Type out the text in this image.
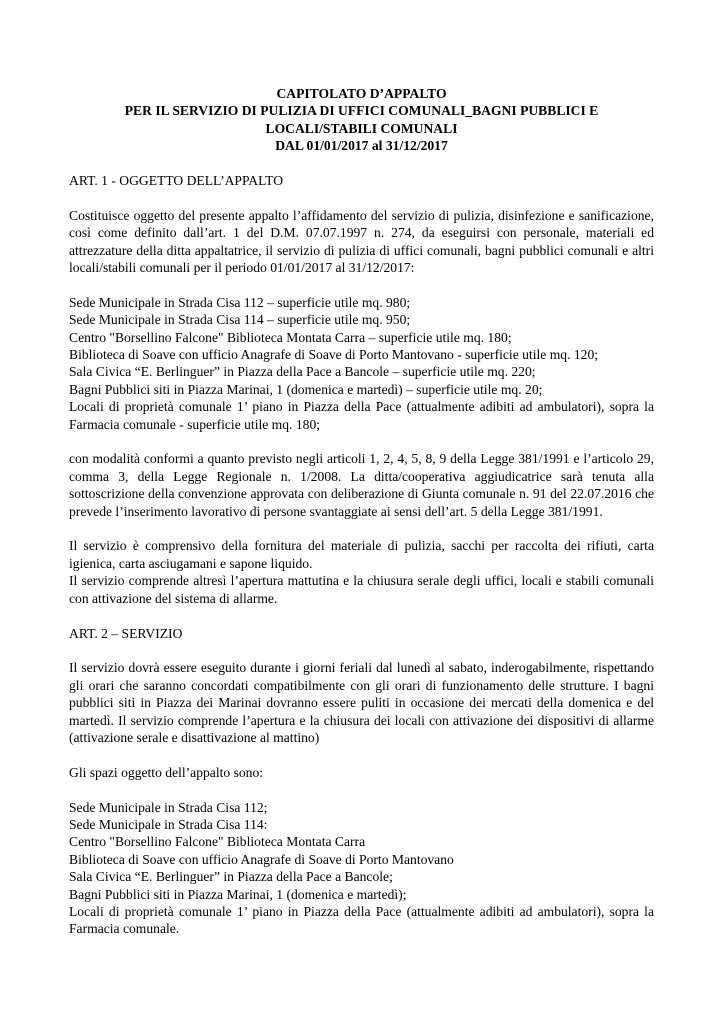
CAPITOLATO D’APPALTO
PER IL SERVIZIO DI PULIZIA DI UFFICI COMUNALI_BAGNI PUBBLICI E
LOCALI/STABILI COMUNALI
DAL 01/01/2017 al 31/12/2017

ART. 1 - OGGETTO DELL’APPALTO

Costituisce oggetto del presente appalto l’affidamento del servizio di pulizia, disinfezione e sanificazione, così come definito dall’art. 1 del D.M. 07.07.1997 n. 274, da eseguirsi con personale, materiali ed attrezzature della ditta appaltatrice, il servizio di pulizia di uffici comunali, bagni pubblici comunali e altri locali/stabili comunali per il periodo 01/01/2017 al 31/12/2017:

Sede Municipale in Strada Cisa 112 – superficie utile mq. 980;
Sede Municipale in Strada Cisa 114 – superficie utile mq. 950;
Centro "Borsellino Falcone" Biblioteca Montata Carra – superficie utile mq. 180;
Biblioteca di Soave con ufficio Anagrafe di Soave di Porto Mantovano - superficie utile mq. 120;
Sala Civica “E. Berlinguer” in Piazza della Pace a Bancole – superficie utile mq. 220;
Bagni Pubblici siti in Piazza Marinai, 1 (domenica e martedì) – superficie utile mq. 20;

Locali di proprietà comunale 1’ piano in Piazza della Pace (attualmente adibiti ad ambulatori), sopra la Farmacia comunale - superficie utile mq. 180;

con modalità conformi a quanto previsto negli articoli 1, 2, 4, 5, 8, 9 della Legge 381/1991 e l’articolo 29, comma 3, della Legge Regionale n. 1/2008. La ditta/cooperativa aggiudicatrice sarà tenuta alla sottoscrizione della convenzione approvata con deliberazione di Giunta comunale n. 91 del 22.07.2016 che prevede l’inserimento lavorativo di persone svantaggiate ai sensi dell’art. 5 della Legge 381/1991.

Il servizio è comprensivo della fornitura del materiale di pulizia, sacchi per raccolta dei rifiuti, carta igienica, carta asciugamani e sapone liquido.

Il servizio comprende altresì l’apertura mattutina e la chiusura serale degli uffici, locali e stabili comunali con attivazione del sistema di allarme.

ART. 2 – SERVIZIO

Il servizio dovrà essere eseguito durante i giorni feriali dal lunedì al sabato, inderogabilmente, rispettando gli orari che saranno concordati compatibilmente con gli orari di funzionamento delle strutture. I bagni pubblici siti in Piazza dei Marinai dovranno essere puliti in occasione dei mercati della domenica e del martedì. Il servizio comprende l’apertura e la chiusura dei locali con attivazione dei dispositivi di allarme (attivazione serale e disattivazione al mattino)

Gli spazi oggetto dell’appalto sono:

Sede Municipale in Strada Cisa 112;
Sede Municipale in Strada Cisa 114:
Centro "Borsellino Falcone" Biblioteca Montata Carra
Biblioteca di Soave con ufficio Anagrafe di Soave di Porto Mantovano
Sala Civica “E. Berlinguer” in Piazza della Pace a Bancole;
Bagni Pubblici siti in Piazza Marinai, 1 (domenica e martedì);

Locali di proprietà comunale 1’ piano in Piazza della Pace (attualmente adibiti ad ambulatori), sopra la Farmacia comunale.
